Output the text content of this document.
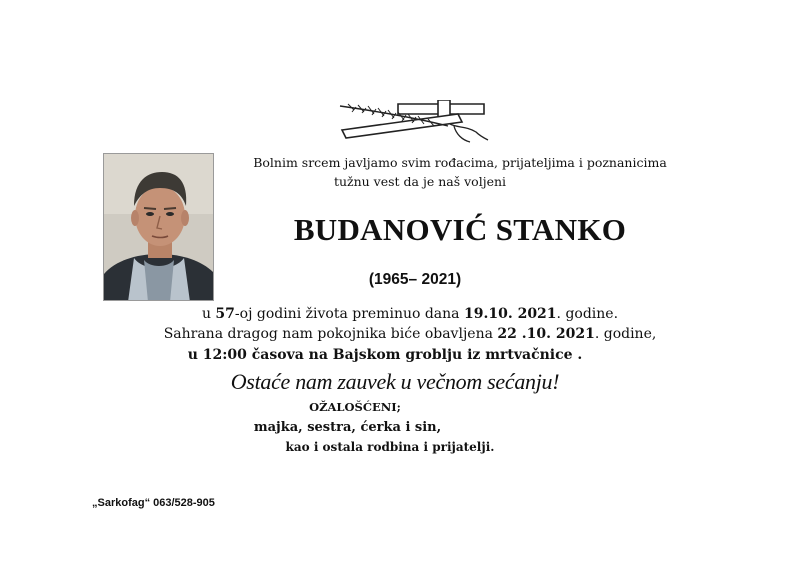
Bolnim srcem javljamo svim rođacima, prijateljima i poznanicima
tužnu vest da je naš voljeni
BUDANOVIĆ STANKO
(1965– 2021)
u 57-oj godini života preminuo dana 19.10. 2021. godine.
Sahrana dragog nam pokojnika biće obavljena 22 .10. 2021. godine,
u 12:00 časova na Bajskom groblju iz mrtvačnice .
Ostaće nam zauvek u večnom sećanju!
OŽALOŠĆENI;
majka, sestra, ćerka i sin,
kao i ostala rodbina i prijatelji.
„Sarkofag“ 063/528-905
